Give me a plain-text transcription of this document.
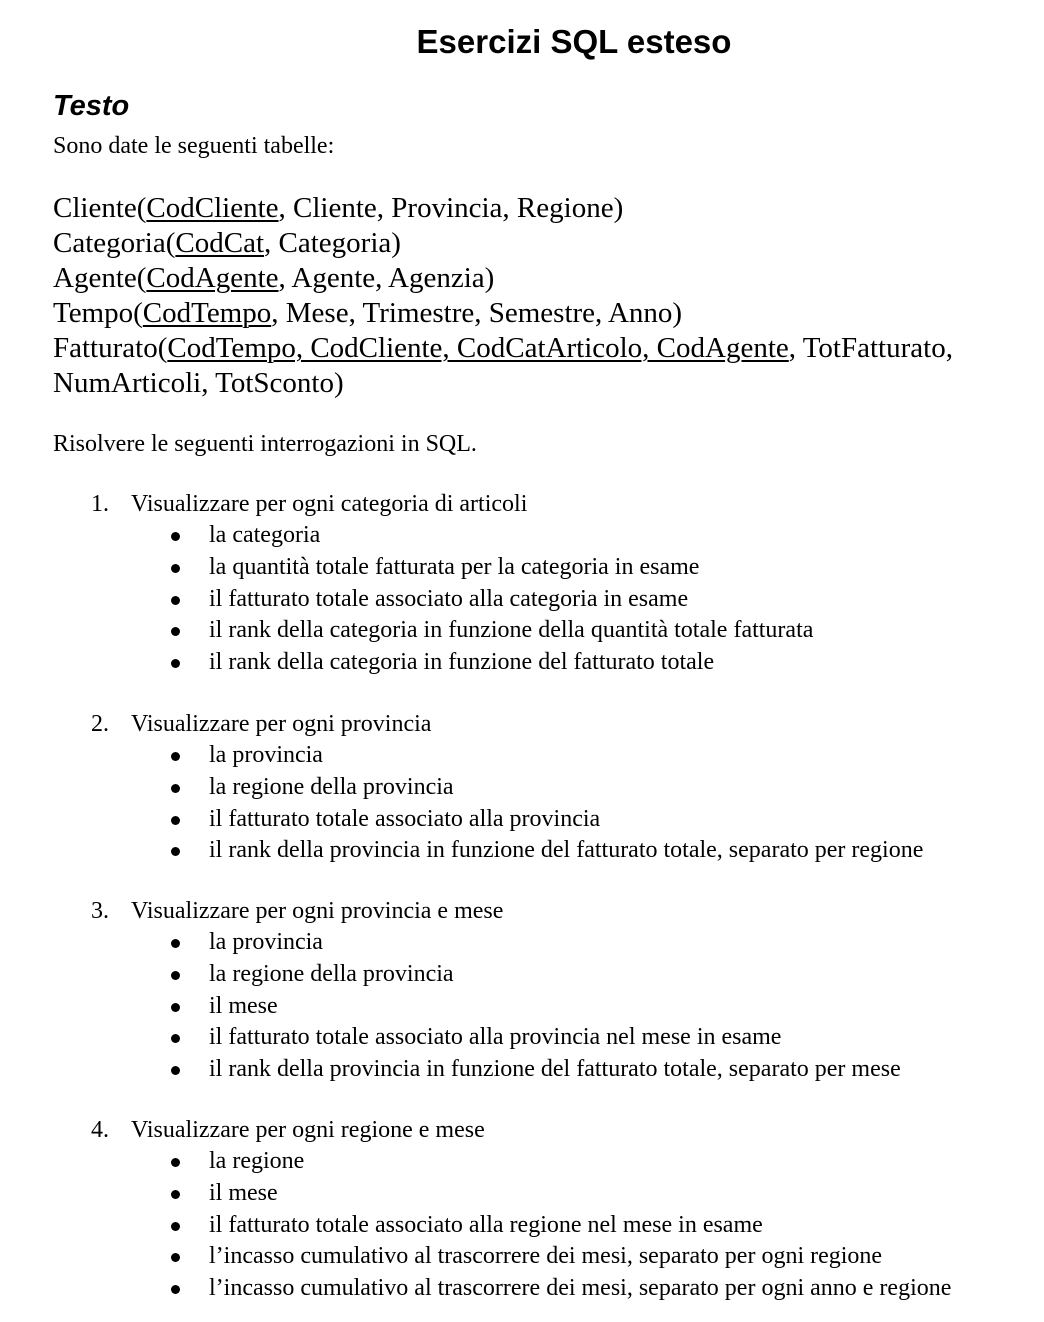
Esercizi SQL esteso
Testo
Sono date le seguenti tabelle:
Cliente(CodCliente, Cliente, Provincia, Regione)
Categoria(CodCat, Categoria)
Agente(CodAgente, Agente, Agenzia)
Tempo(CodTempo, Mese, Trimestre, Semestre, Anno)
Fatturato(CodTempo, CodCliente, CodCatArticolo, CodAgente, TotFatturato,
NumArticoli, TotSconto)
Risolvere le seguenti interrogazioni in SQL.
1. Visualizzare per ogni categoria di articoli
la categoria
la quantità totale fatturata per la categoria in esame
il fatturato totale associato alla categoria in esame
il rank della categoria in funzione della quantità totale fatturata
il rank della categoria in funzione del fatturato totale
2. Visualizzare per ogni provincia
la provincia
la regione della provincia
il fatturato totale associato alla provincia
il rank della provincia in funzione del fatturato totale, separato per regione
3. Visualizzare per ogni provincia e mese
la provincia
la regione della provincia
il mese
il fatturato totale associato alla provincia nel mese in esame
il rank della provincia in funzione del fatturato totale, separato per mese
4. Visualizzare per ogni regione e mese
la regione
il mese
il fatturato totale associato alla regione nel mese in esame
l’incasso cumulativo al trascorrere dei mesi, separato per ogni regione
l’incasso cumulativo al trascorrere dei mesi, separato per ogni anno e regione
